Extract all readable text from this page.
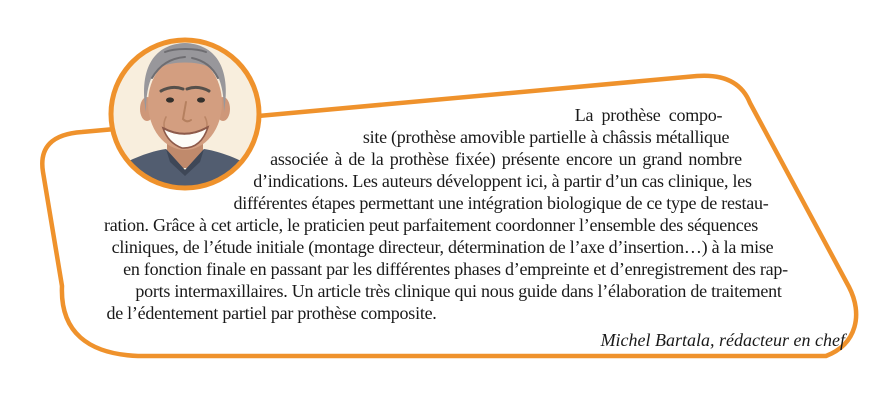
La prothèse compo-
site (prothèse amovible partielle à châssis métallique
associée à de la prothèse fixée) présente encore un grand nombre
d’indications. Les auteurs développent ici, à partir d’un cas clinique, les
différentes étapes permettant une intégration biologique de ce type de restau-
ration. Grâce à cet article, le praticien peut parfaitement coordonner l’ensemble des séquences
cliniques, de l’étude initiale (montage directeur, détermination de l’axe d’insertion…) à la mise
en fonction finale en passant par les différentes phases d’empreinte et d’enregistrement des rap-
ports intermaxillaires. Un article très clinique qui nous guide dans l’élaboration de traitement
de l’édentement partiel par prothèse composite.
Michel Bartala, rédacteur en chef
